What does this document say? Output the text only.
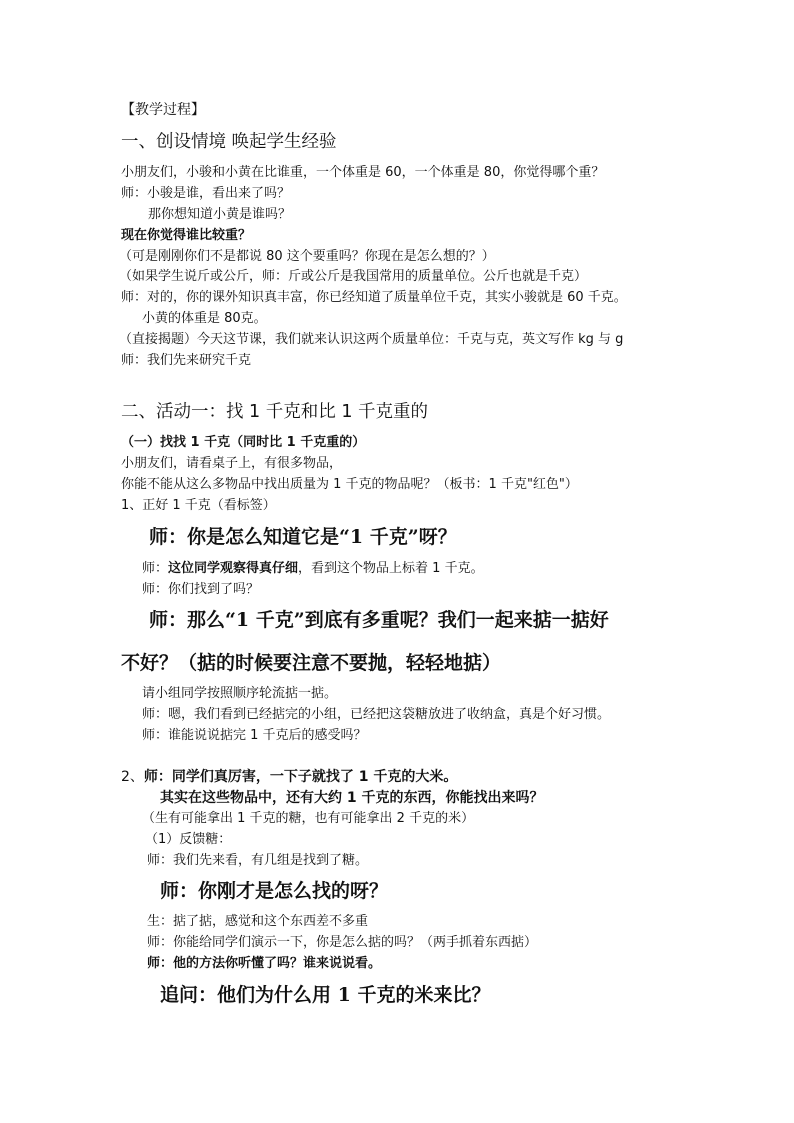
【教学过程】
一、创设情境 唤起学生经验
小朋友们，小骏和小黄在比谁重，一个体重是 60，一个体重是 80，你觉得哪个重？
师：小骏是谁，看出来了吗？
那你想知道小黄是谁吗？
现在你觉得谁比较重？
（可是刚刚你们不是都说 80 这个要重吗？你现在是怎么想的？）
（如果学生说斤或公斤，师：斤或公斤是我国常用的质量单位。公斤也就是千克）
师：对的，你的课外知识真丰富，你已经知道了质量单位千克，其实小骏就是 60 千克。
小黄的体重是 80克。
（直接揭题）今天这节课，我们就来认识这两个质量单位：千克与克，英文写作 kg 与 g
师：我们先来研究千克
二、活动一：找 1 千克和比 1 千克重的
（一）找找 1 千克（同时比 1 千克重的）
小朋友们，请看桌子上，有很多物品，
你能不能从这么多物品中找出质量为 1 千克的物品呢？（板书：1 千克"红色"）
1、正好 1 千克（看标签）
师：你是怎么知道它是“1 千克”呀？
师：这位同学观察得真仔细，看到这个物品上标着 1 千克。
师：你们找到了吗？
师：那么“1 千克”到底有多重呢？我们一起来掂一掂好
不好？（掂的时候要注意不要抛，轻轻地掂）
请小组同学按照顺序轮流掂一掂。
师：嗯，我们看到已经掂完的小组，已经把这袋糖放进了收纳盒，真是个好习惯。
师：谁能说说掂完 1 千克后的感受吗？
2、师：同学们真厉害，一下子就找了 1 千克的大米。
其实在这些物品中，还有大约 1 千克的东西，你能找出来吗？
（生有可能拿出 1 千克的糖，也有可能拿出 2 千克的米）
（1）反馈糖：
师：我们先来看，有几组是找到了糖。
师：你刚才是怎么找的呀？
生：掂了掂，感觉和这个东西差不多重
师：你能给同学们演示一下，你是怎么掂的吗？（两手抓着东西掂）
师：他的方法你听懂了吗？谁来说说看。
追问：他们为什么用 1 千克的米来比？
